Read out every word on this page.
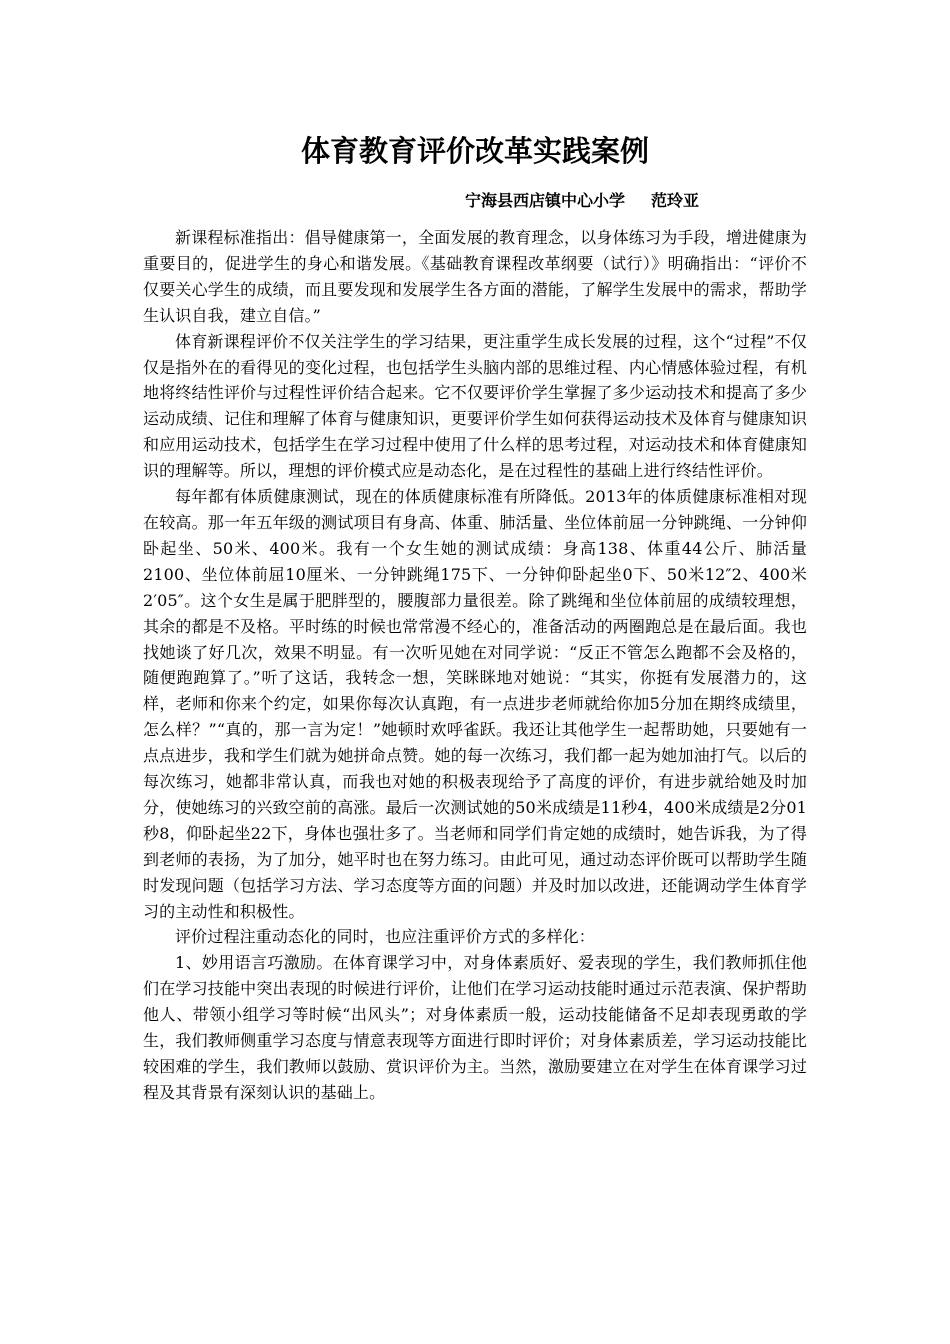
体育教育评价改革实践案例
宁海县西店镇中心小学 范玲亚

新课程标准指出：倡导健康第一，全面发展的教育理念，以身体练习为手段，增进健康为重要目的，促进学生的身心和谐发展。《基础教育课程改革纲要（试行）》明确指出：“评价不仅要关心学生的成绩，而且要发现和发展学生各方面的潜能，了解学生发展中的需求，帮助学生认识自我，建立自信。”

体育新课程评价不仅关注学生的学习结果，更注重学生成长发展的过程，这个“过程”不仅仅是指外在的看得见的变化过程，也包括学生头脑内部的思维过程、内心情感体验过程，有机地将终结性评价与过程性评价结合起来。它不仅要评价学生掌握了多少运动技术和提高了多少运动成绩、记住和理解了体育与健康知识，更要评价学生如何获得运动技术及体育与健康知识和应用运动技术，包括学生在学习过程中使用了什么样的思考过程，对运动技术和体育健康知识的理解等。所以，理想的评价模式应是动态化，是在过程性的基础上进行终结性评价。

每年都有体质健康测试，现在的体质健康标准有所降低。2013年的体质健康标准相对现在较高。那一年五年级的测试项目有身高、体重、肺活量、坐位体前屈一分钟跳绳、一分钟仰卧起坐、50米、400米。我有一个女生她的测试成绩：身高138、体重44公斤、肺活量2100、坐位体前屈10厘米、一分钟跳绳175下、一分钟仰卧起坐0下、50米12″2、400米2′05″。这个女生是属于肥胖型的，腰腹部力量很差。除了跳绳和坐位体前屈的成绩较理想，其余的都是不及格。平时练的时候也常常漫不经心的，准备活动的两圈跑总是在最后面。我也找她谈了好几次，效果不明显。有一次听见她在对同学说：“反正不管怎么跑都不会及格的，随便跑跑算了。”听了这话，我转念一想，笑眯眯地对她说：“其实，你挺有发展潜力的，这样，老师和你来个约定，如果你每次认真跑，有一点进步老师就给你加5分加在期终成绩里，怎么样？”“真的，那一言为定！”她顿时欢呼雀跃。我还让其他学生一起帮助她，只要她有一点点进步，我和学生们就为她拼命点赞。她的每一次练习，我们都一起为她加油打气。以后的每次练习，她都非常认真，而我也对她的积极表现给予了高度的评价，有进步就给她及时加分，使她练习的兴致空前的高涨。最后一次测试她的50米成绩是11秒4，400米成绩是2分01秒8，仰卧起坐22下，身体也强壮多了。当老师和同学们肯定她的成绩时，她告诉我，为了得到老师的表扬，为了加分，她平时也在努力练习。由此可见，通过动态评价既可以帮助学生随时发现问题（包括学习方法、学习态度等方面的问题）并及时加以改进，还能调动学生体育学习的主动性和积极性。

评价过程注重动态化的同时，也应注重评价方式的多样化：

1、妙用语言巧激励。在体育课学习中，对身体素质好、爱表现的学生，我们教师抓住他们在学习技能中突出表现的时候进行评价，让他们在学习运动技能时通过示范表演、保护帮助他人、带领小组学习等时候“出风头”；对身体素质一般，运动技能储备不足却表现勇敢的学生，我们教师侧重学习态度与情意表现等方面进行即时评价；对身体素质差，学习运动技能比较困难的学生，我们教师以鼓励、赏识评价为主。当然，激励要建立在对学生在体育课学习过程及其背景有深刻认识的基础上。
